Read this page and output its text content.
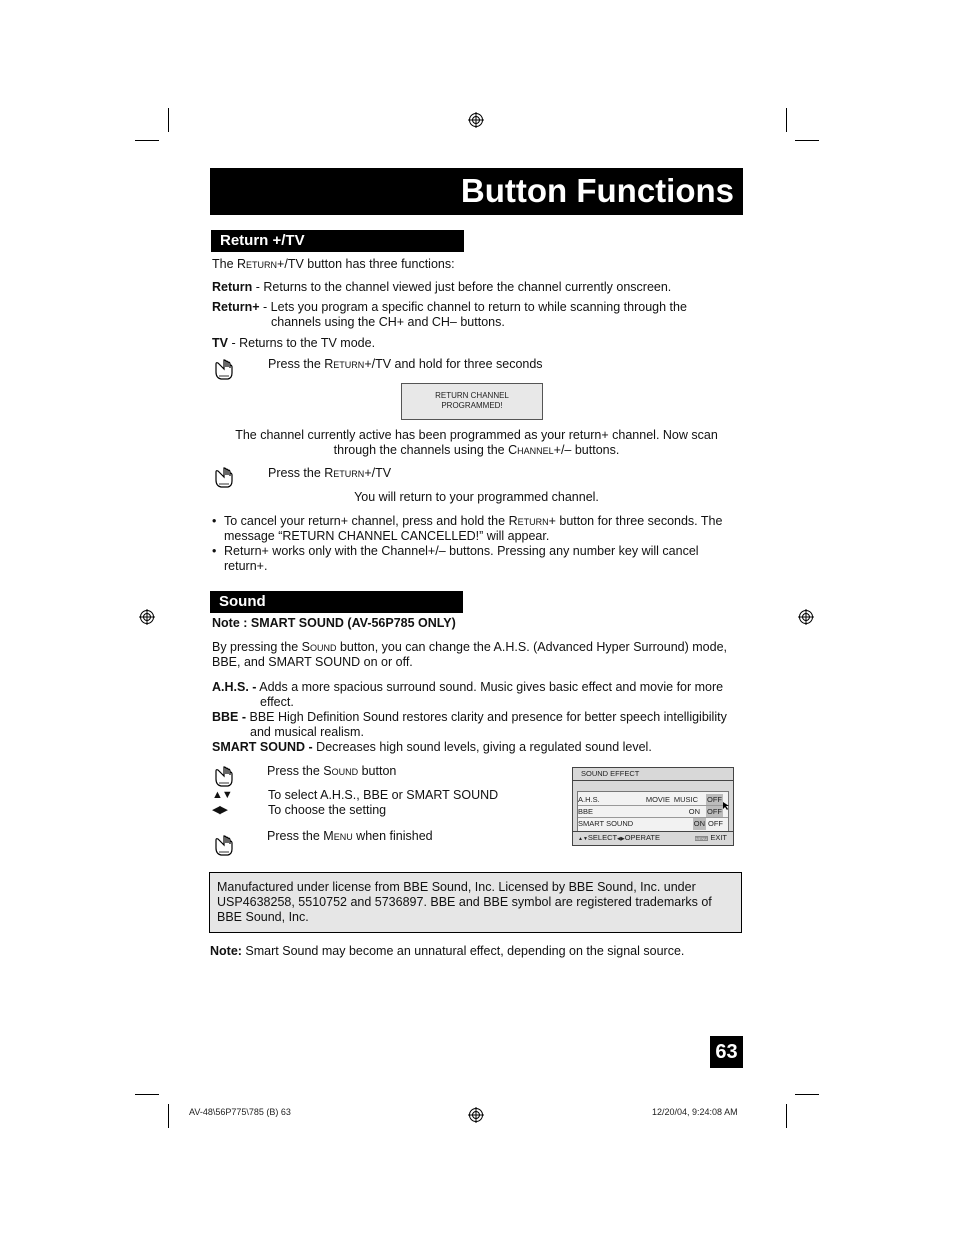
Button Functions
Return +/TV
The Return+/TV button has three functions:
Return - Returns to the channel viewed just before the channel currently onscreen.
Return+ - Lets you program a specific channel to return to while scanning through the
channels using the CH+ and CH– buttons.
TV - Returns to the TV mode.
Press the Return+/TV and hold for three seconds
RETURN CHANNEL
PROGRAMMED!
The channel currently active has been programmed as your return+ channel. Now scan
through the channels using the Channel+/– buttons.
Press the Return+/TV
You will return to your programmed channel.
• To cancel your return+ channel, press and hold the Return+ button for three seconds. The
message “RETURN CHANNEL CANCELLED!” will appear.
• Return+ works only with the Channel+/– buttons. Pressing any number key will cancel
return+.
Sound
Note : SMART SOUND (AV-56P785 ONLY)
By pressing the Sound button, you can change the A.H.S. (Advanced Hyper Surround) mode,
BBE, and SMART SOUND on or off.
A.H.S. - Adds a more spacious surround sound. Music gives basic effect and movie for more
effect.
BBE - BBE High Definition Sound restores clarity and presence for better speech intelligibility
and musical realism.
SMART SOUND - Decreases high sound levels, giving a regulated sound level.
Press the Sound button
▲▼	To select A.H.S., BBE or SMART SOUND
◀▶	To choose the setting
Press the Menu when finished
SOUND EFFECT
A.H.S.	MOVIE MUSIC OFF
BBE	ON OFF
SMART SOUND	ON OFF
▲▼SELECT ◀▶OPERATE	MENU EXIT
Manufactured under license from BBE Sound, Inc. Licensed by BBE Sound, Inc. under
USP4638258, 5510752 and 5736897. BBE and BBE symbol are registered trademarks of
BBE Sound, Inc.
Note: Smart Sound may become an unnatural effect, depending on the signal source.
63
AV-48\56P775\785 (B) 63	12/20/04, 9:24:08 AM
